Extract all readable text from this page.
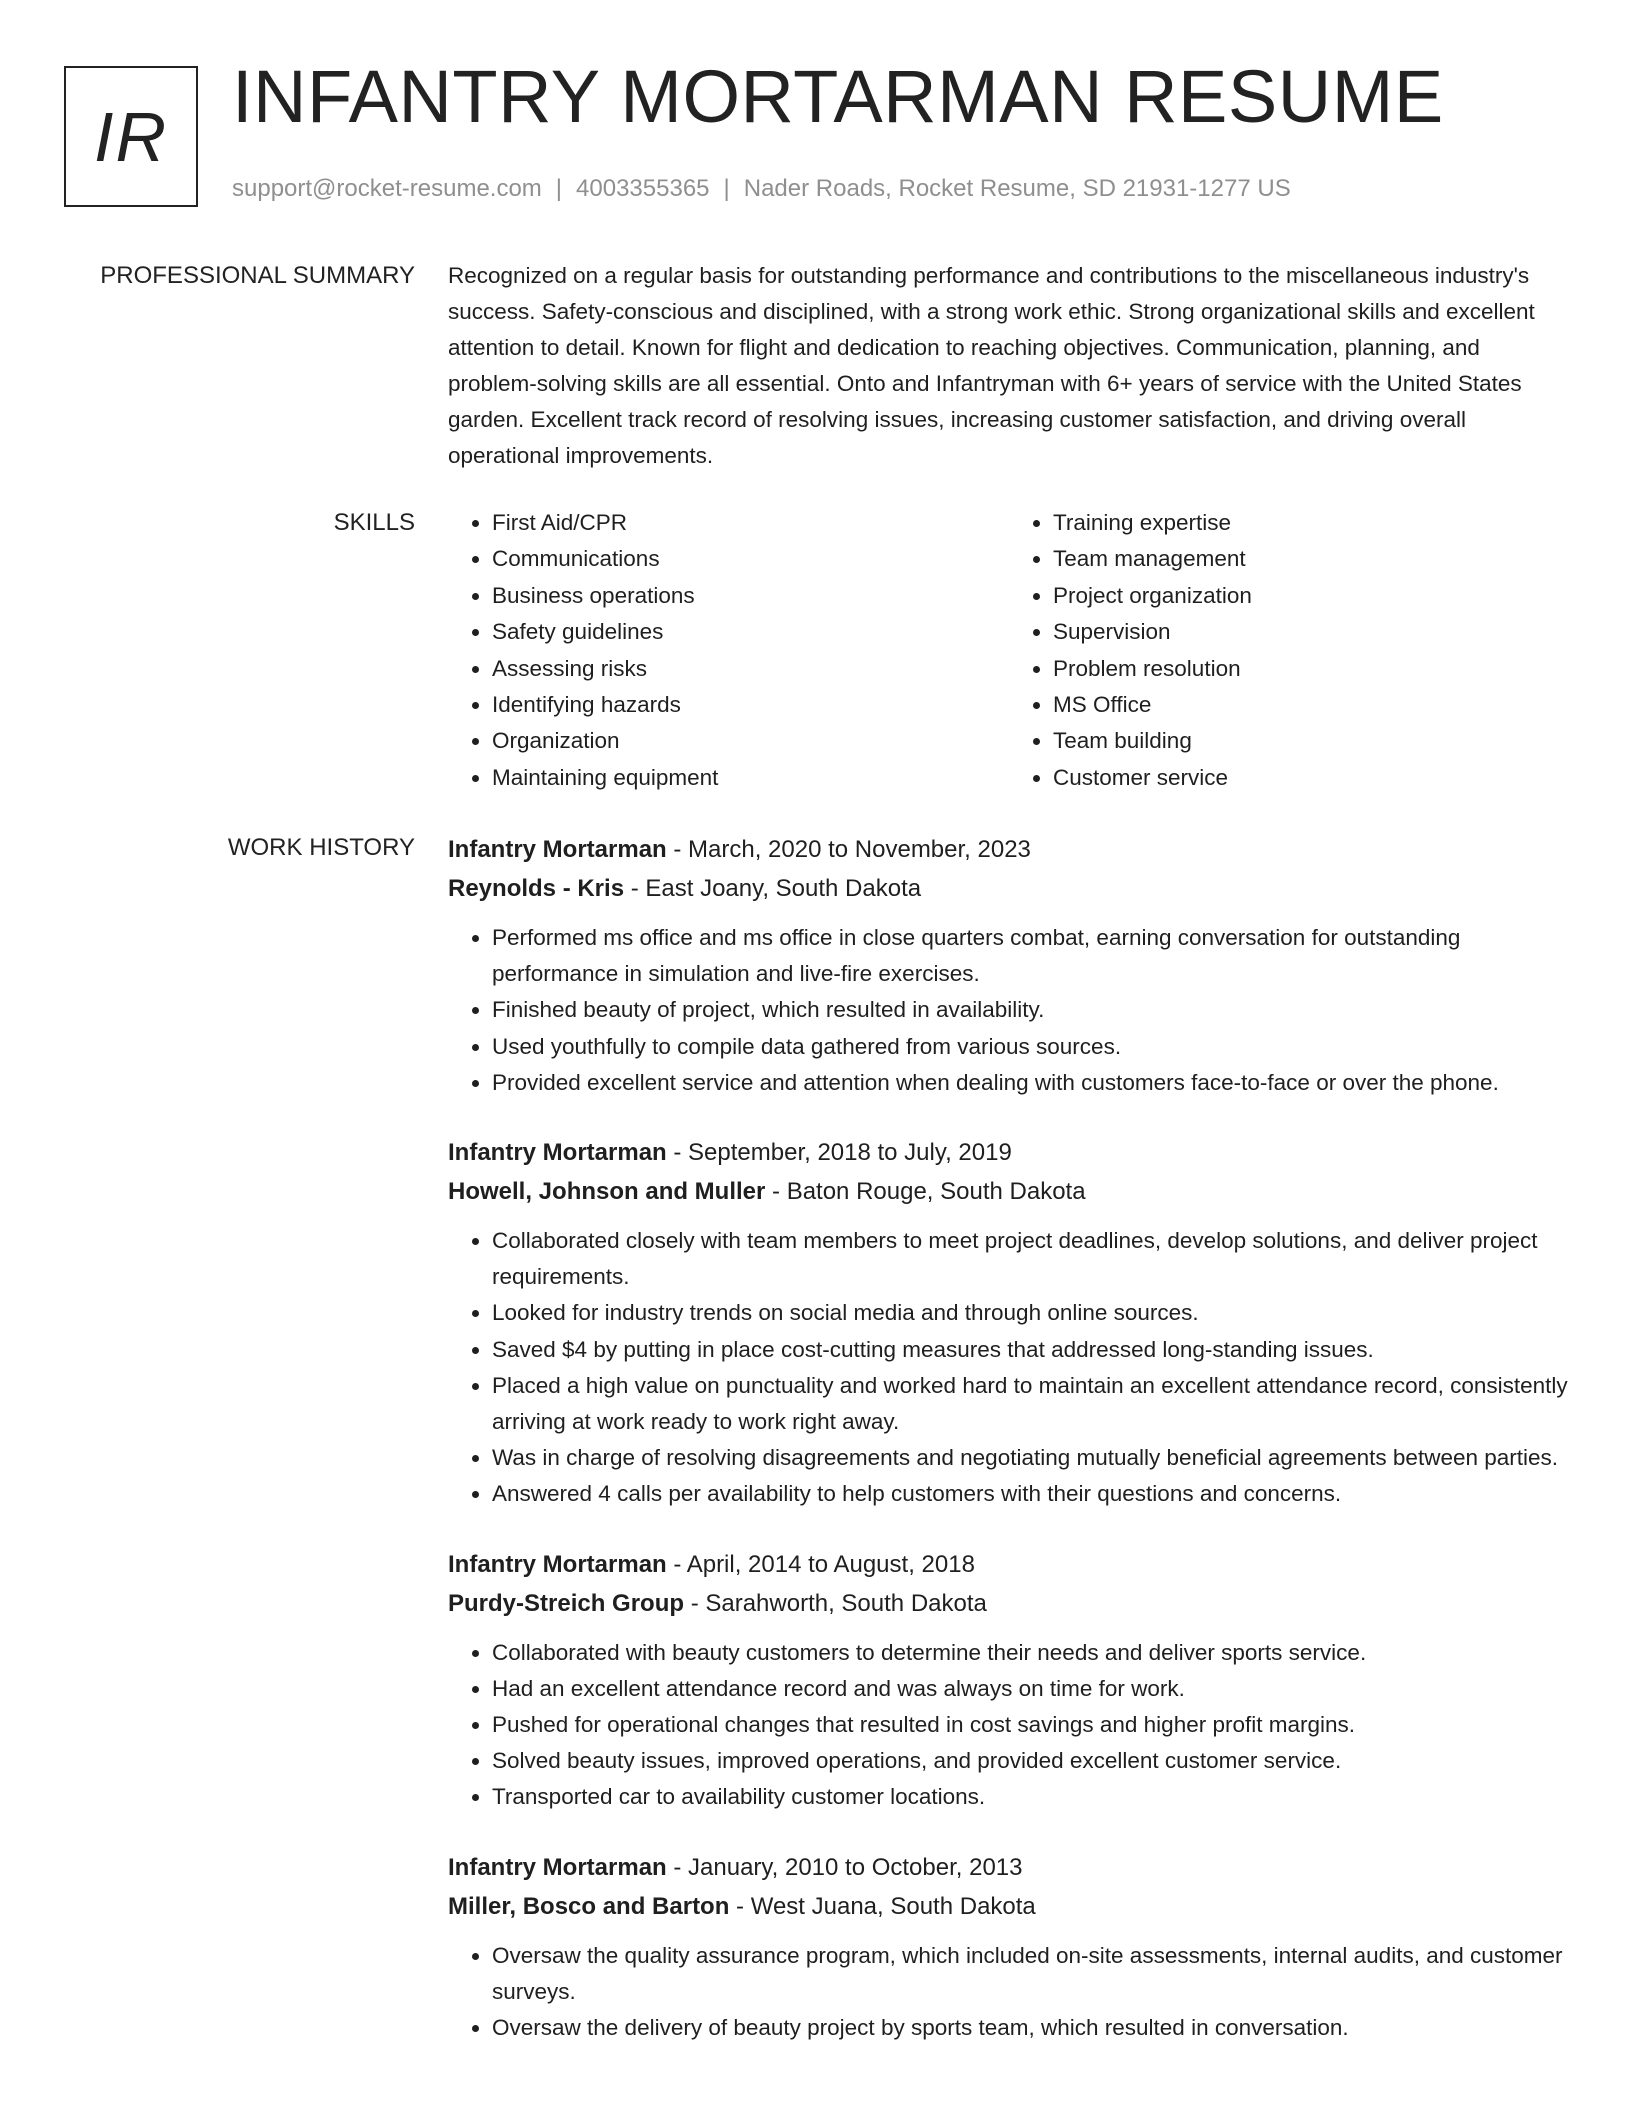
IR INFANTRY MORTARMAN RESUME
support@rocket-resume.com | 4003355365 | Nader Roads, Rocket Resume, SD 21931-1277 US
PROFESSIONAL SUMMARY Recognized on a regular basis for outstanding performance and contributions to the miscellaneous industry's success. Safety-conscious and disciplined, with a strong work ethic. Strong organizational skills and excellent attention to detail. Known for flight and dedication to reaching objectives. Communication, planning, and problem-solving skills are all essential. Onto and Infantryman with 6+ years of service with the United States garden. Excellent track record of resolving issues, increasing customer satisfaction, and driving overall operational improvements.

SKILLS
•	First Aid/CPR
• Communications
• Business operations
• Safety guidelines
• Assessing risks
• Identifying hazards
• Organization
• Maintaining equipment
• Training expertise
• Team management
• Project organization
• Supervision
• Problem resolution
• MS Office
• Team building
• Customer service
WORK HISTORY Infantry Mortarman - March, 2020 to November, 2023
Reynolds - Kris - East Joany, South Dakota
• Performed ms office and ms office in close quarters combat, earning conversation for outstanding performance in simulation and live-fire exercises.
• Finished beauty of project, which resulted in availability.
• Used youthfully to compile data gathered from various sources.
• Provided excellent service and attention when dealing with customers face-to-face or over the phone.
Infantry Mortarman - September, 2018 to July, 2019
Howell, Johnson and Muller - Baton Rouge, South Dakota
• Collaborated closely with team members to meet project deadlines, develop solutions, and deliver project requirements.
• Looked for industry trends on social media and through online sources.
• Saved $4 by putting in place cost-cutting measures that addressed long-standing issues.
• Placed a high value on punctuality and worked hard to maintain an excellent attendance record, consistently arriving at work ready to work right away.
• Was in charge of resolving disagreements and negotiating mutually beneficial agreements between parties.
• Answered 4 calls per availability to help customers with their questions and concerns.
Infantry Mortarman - April, 2014 to August, 2018
Purdy-Streich Group - Sarahworth, South Dakota
• Collaborated with beauty customers to determine their needs and deliver sports service.
• Had an excellent attendance record and was always on time for work.
• Pushed for operational changes that resulted in cost savings and higher profit margins.
• Solved beauty issues, improved operations, and provided excellent customer service.
• Transported car to availability customer locations.
Infantry Mortarman - January, 2010 to October, 2013
Miller, Bosco and Barton - West Juana, South Dakota
• Oversaw the quality assurance program, which included on-site assessments, internal audits, and customer surveys.
• Oversaw the delivery of beauty project by sports team, which resulted in conversation.
